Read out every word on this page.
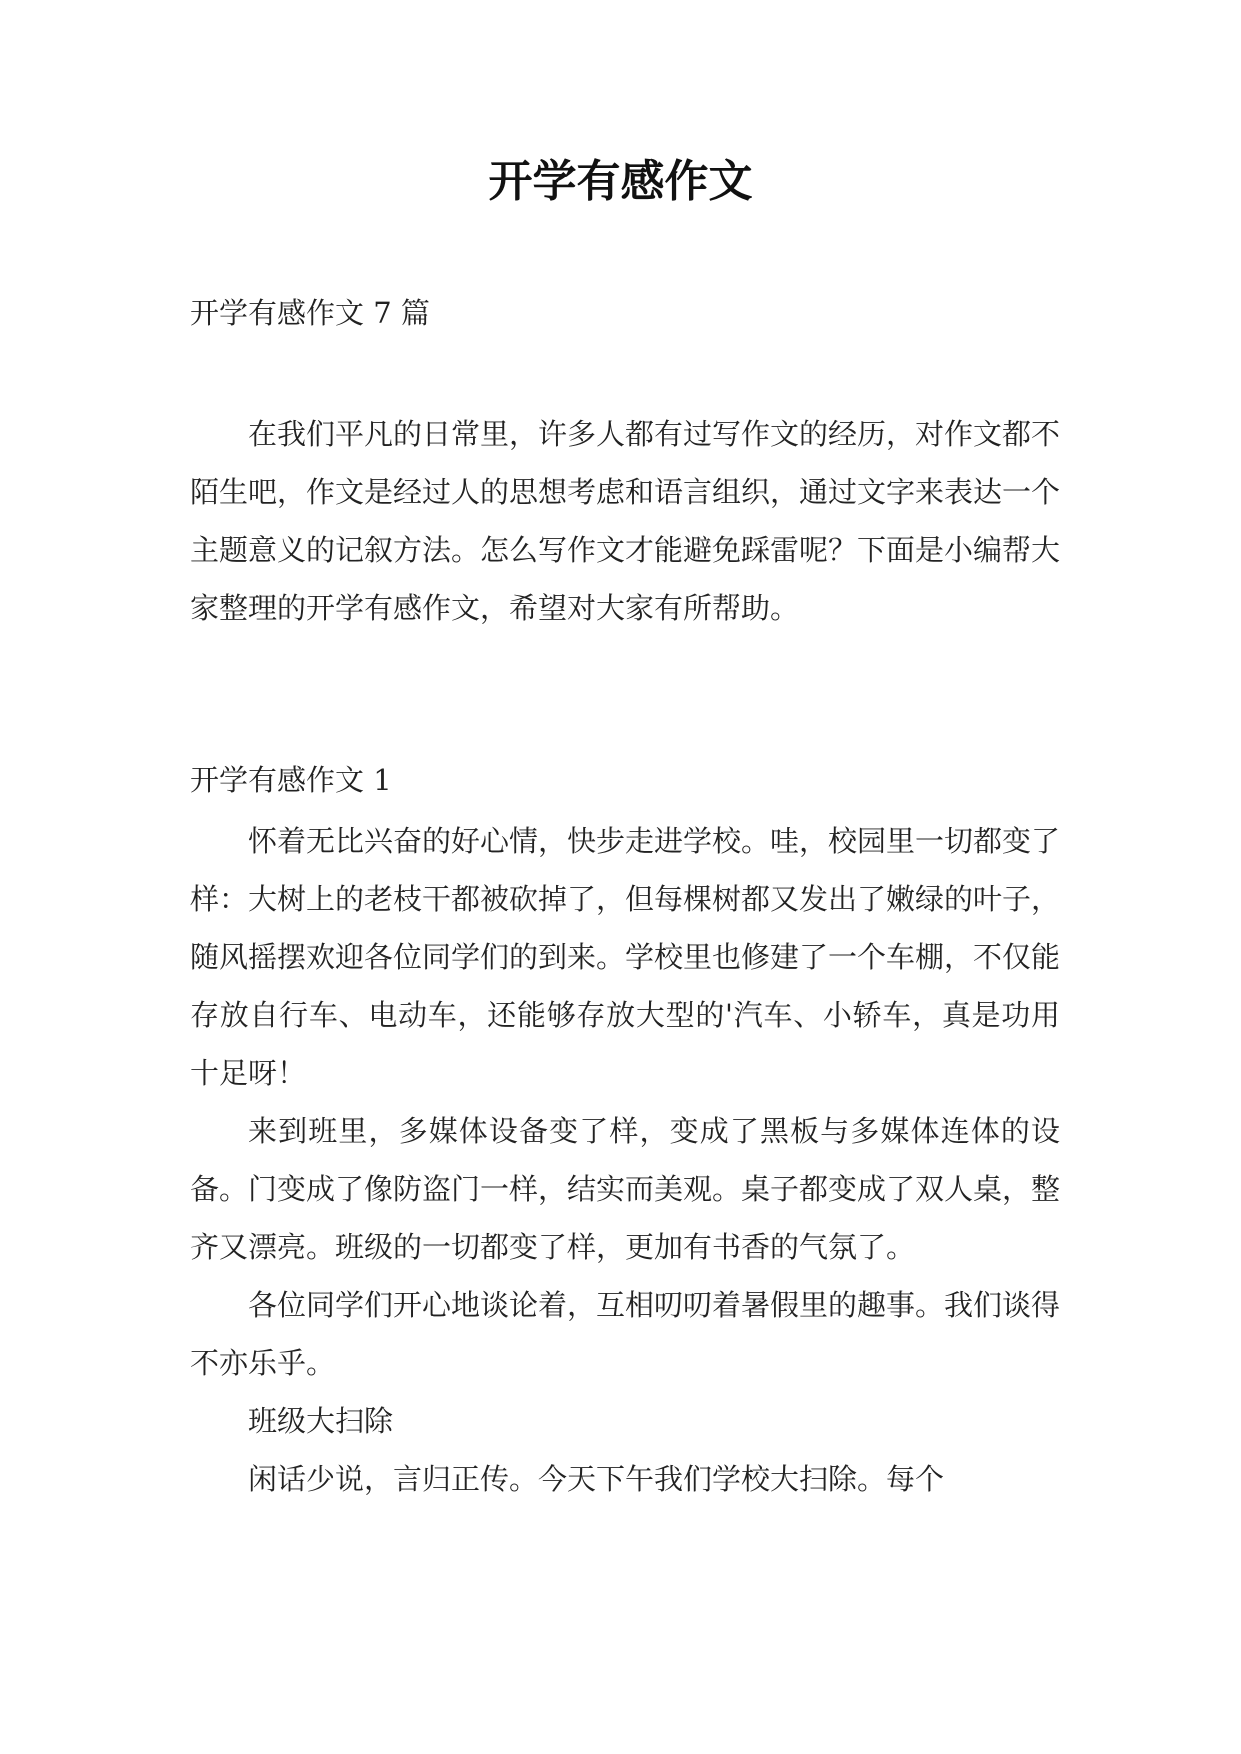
开学有感作文

开学有感作文 7 篇

在我们平凡的日常里，许多人都有过写作文的经历，对作文都不陌生吧，作文是经过人的思想考虑和语言组织，通过文字来表达一个主题意义的记叙方法。怎么写作文才能避免踩雷呢？下面是小编帮大家整理的开学有感作文，希望对大家有所帮助。

开学有感作文 1

怀着无比兴奋的好心情，快步走进学校。哇，校园里一切都变了样：大树上的老枝干都被砍掉了，但每棵树都又发出了嫩绿的叶子，随风摇摆欢迎各位同学们的到来。学校里也修建了一个车棚，不仅能存放自行车、电动车，还能够存放大型的'汽车、小轿车，真是功用十足呀！

来到班里，多媒体设备变了样，变成了黑板与多媒体连体的设备。门变成了像防盗门一样，结实而美观。桌子都变成了双人桌，整齐又漂亮。班级的一切都变了样，更加有书香的气氛了。

各位同学们开心地谈论着，互相叨叨着暑假里的趣事。我们谈得不亦乐乎。

班级大扫除

闲话少说，言归正传。今天下午我们学校大扫除。每个
